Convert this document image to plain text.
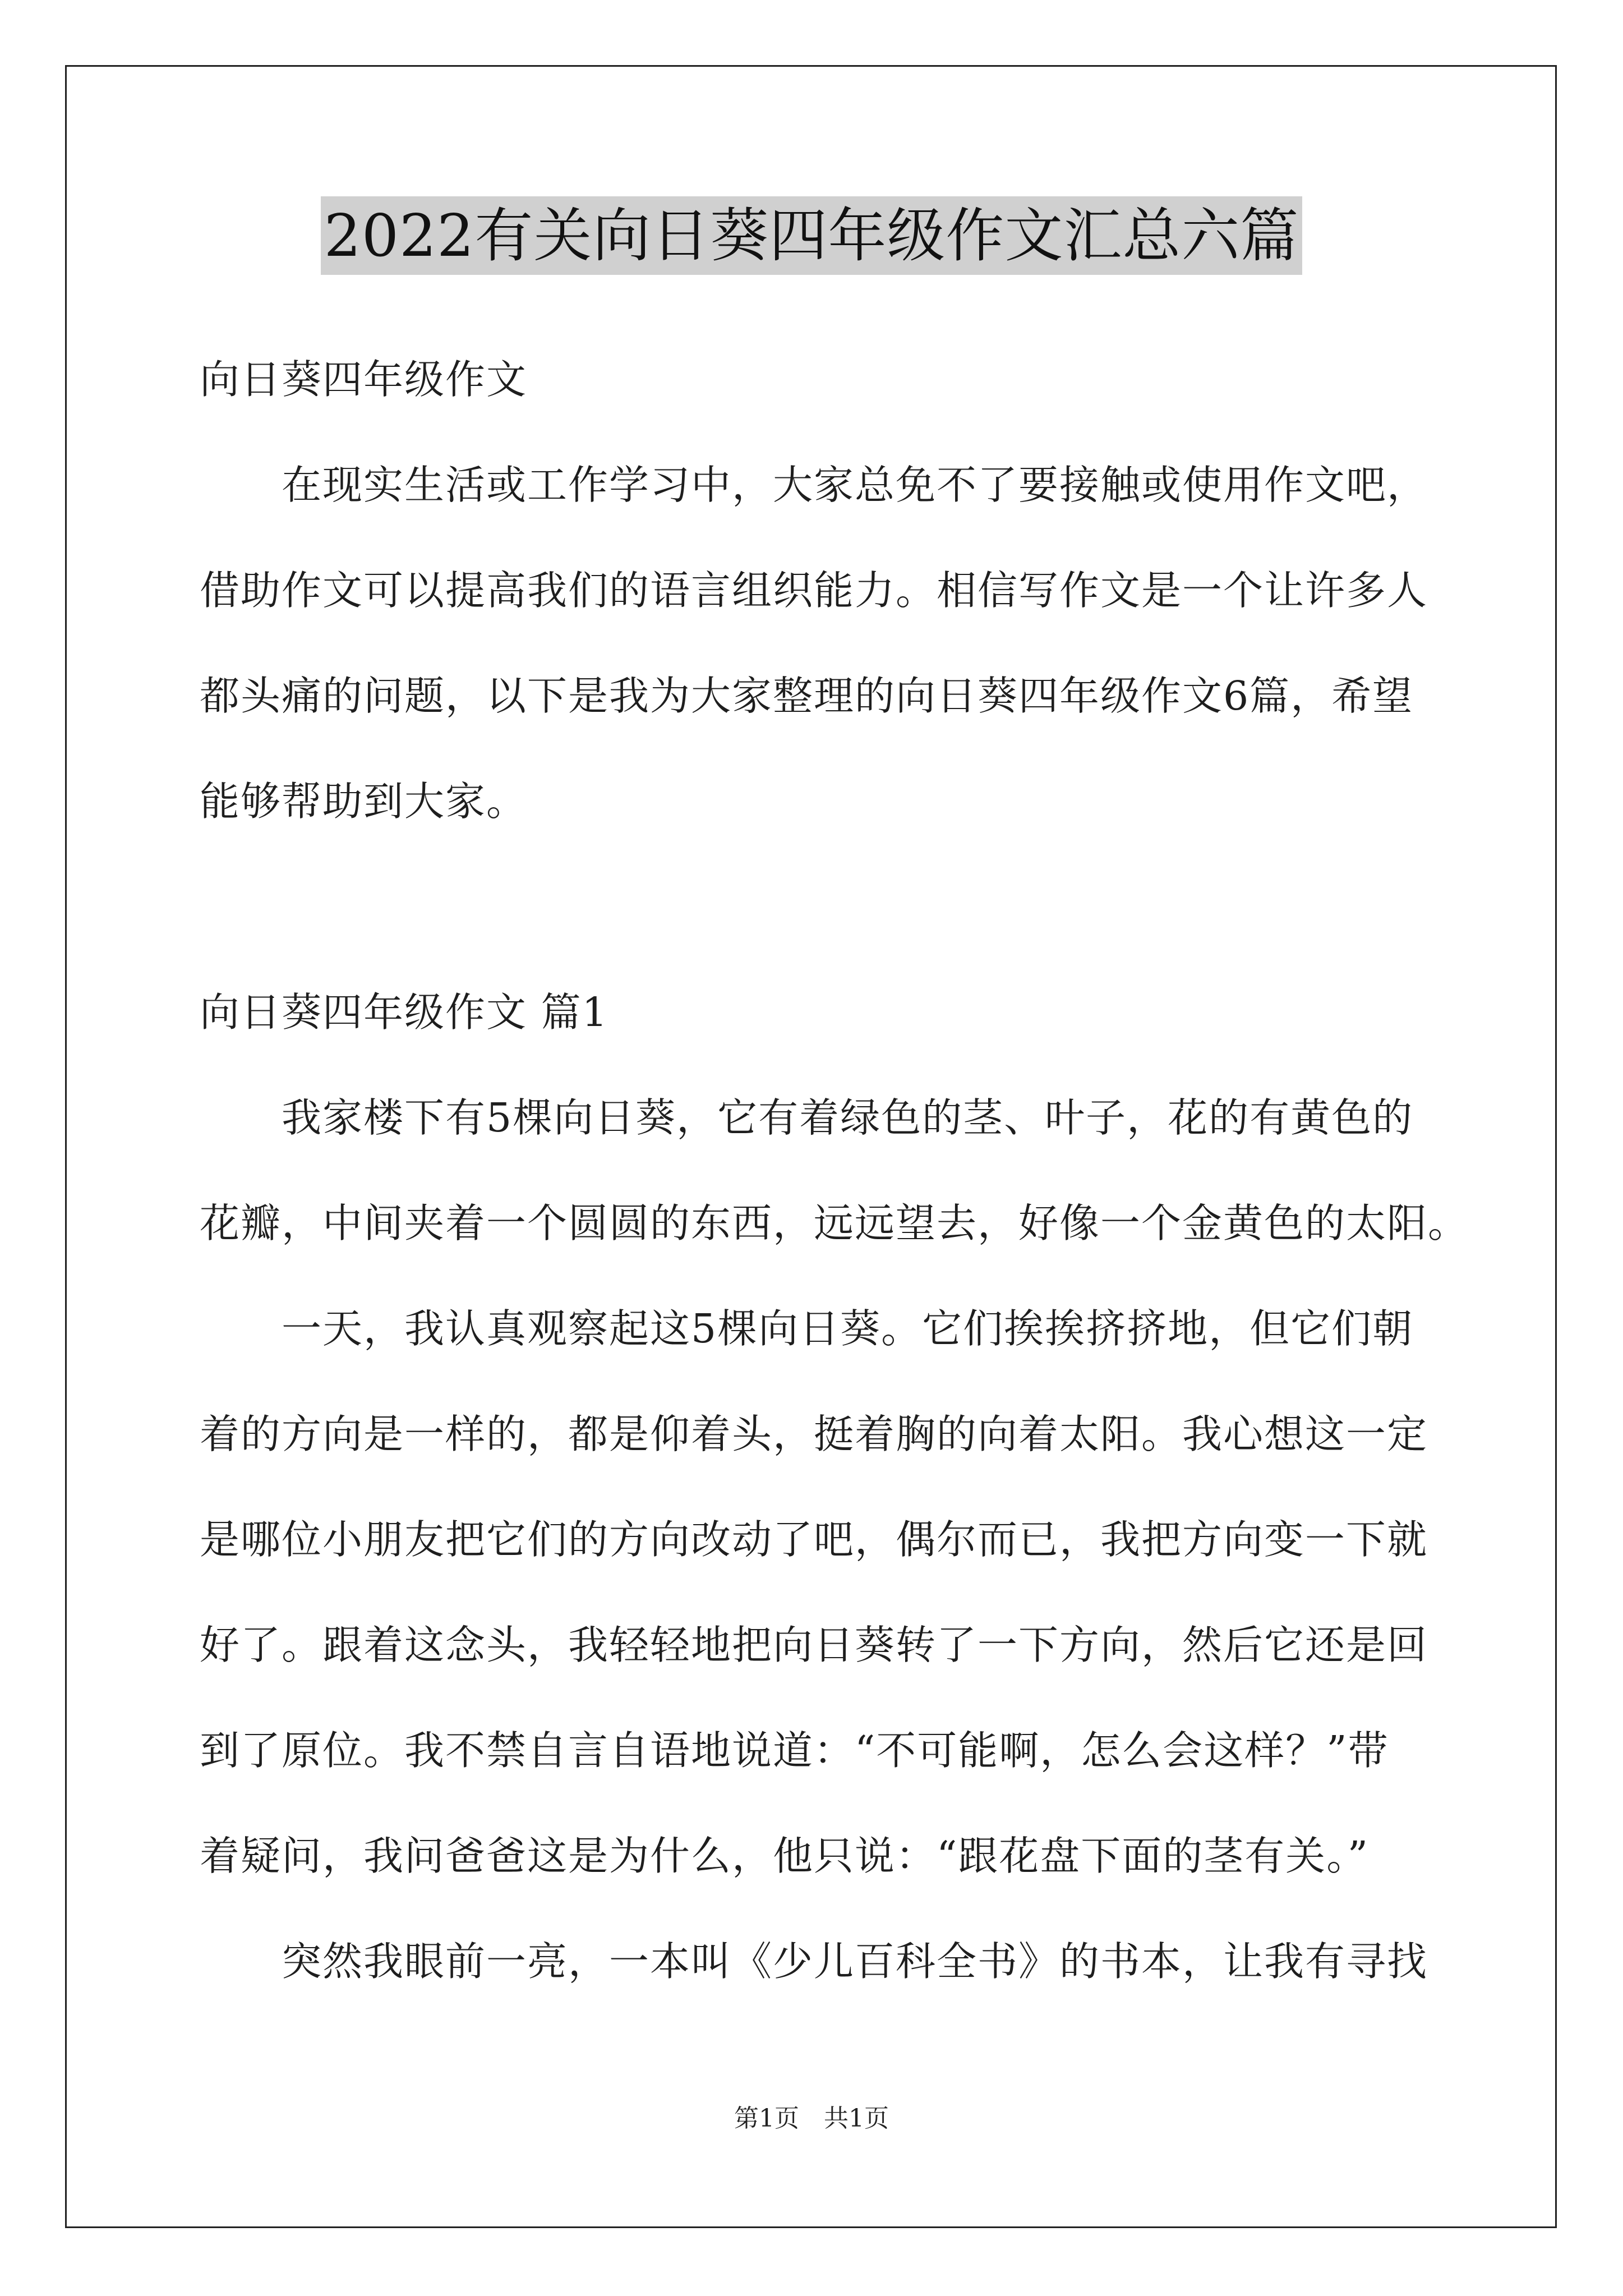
2022有关向日葵四年级作文汇总六篇
向日葵四年级作文
在现实生活或工作学习中，大家总免不了要接触或使用作文吧，
借助作文可以提高我们的语言组织能力。相信写作文是一个让许多人
都头痛的问题，以下是我为大家整理的向日葵四年级作文6篇，希望
能够帮助到大家。
向日葵四年级作文 篇1
我家楼下有5棵向日葵，它有着绿色的茎、叶子，花的有黄色的
花瓣，中间夹着一个圆圆的东西，远远望去，好像一个金黄色的太阳。
一天，我认真观察起这5棵向日葵。它们挨挨挤挤地，但它们朝
着的方向是一样的，都是仰着头，挺着胸的向着太阳。我心想这一定
是哪位小朋友把它们的方向改动了吧，偶尔而已，我把方向变一下就
好了。跟着这念头，我轻轻地把向日葵转了一下方向，然后它还是回
到了原位。我不禁自言自语地说道：“不可能啊，怎么会这样？”带
着疑问，我问爸爸这是为什么，他只说：“跟花盘下面的茎有关。”
突然我眼前一亮，一本叫《少儿百科全书》的书本，让我有寻找
第1页　共1页
